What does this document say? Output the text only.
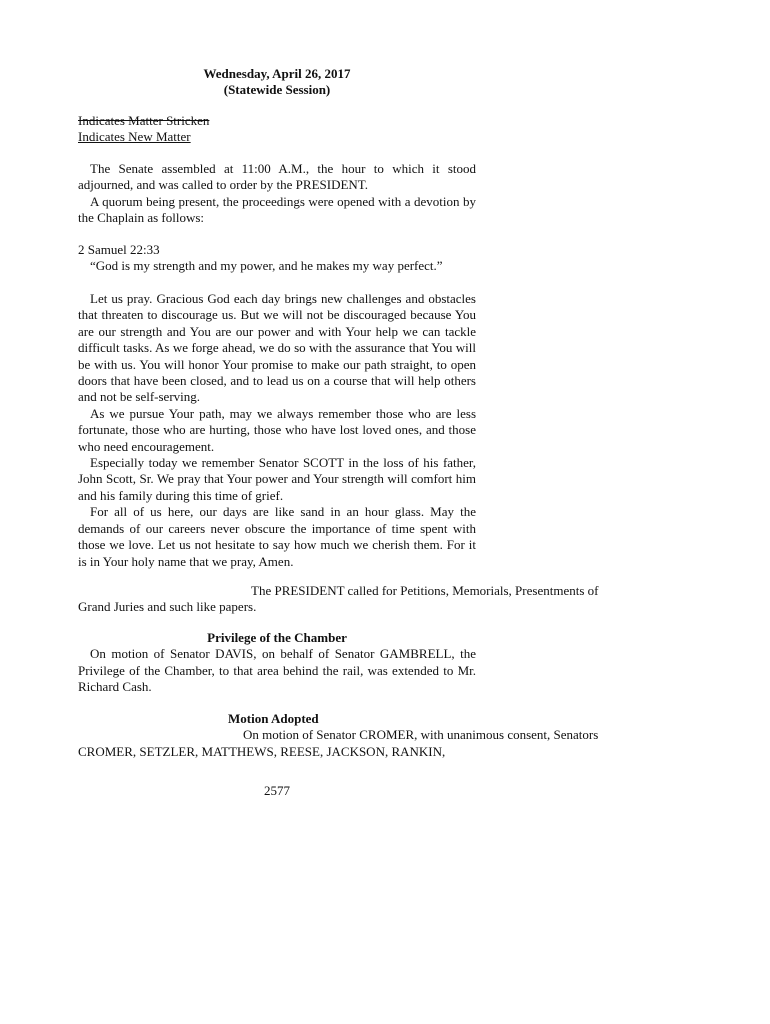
Wednesday, April 26, 2017

(Statewide Session)

Indicates Matter Stricken

Indicates New Matter

The Senate assembled at 11:00 A.M., the hour to which it stood adjourned, and was called to order by the PRESIDENT.

A quorum being present, the proceedings were opened with a devotion by the Chaplain as follows:

2 Samuel 22:33

“God is my strength and my power, and he makes my way perfect.”

Let us pray. Gracious God each day brings new challenges and obstacles that threaten to discourage us. But we will not be discouraged because You are our strength and You are our power and with Your help we can tackle difficult tasks. As we forge ahead, we do so with the assurance that You will be with us. You will honor Your promise to make our path straight, to open doors that have been closed, and to lead us on a course that will help others and not be self-serving.

As we pursue Your path, may we always remember those who are less fortunate, those who are hurting, those who have lost loved ones, and those who need encouragement.

Especially today we remember Senator SCOTT in the loss of his father, John Scott, Sr. We pray that Your power and Your strength will comfort him and his family during this time of grief.

For all of us here, our days are like sand in an hour glass. May the demands of our careers never obscure the importance of time spent with those we love. Let us not hesitate to say how much we cherish them. For it is in Your holy name that we pray, Amen.

The PRESIDENT called for Petitions, Memorials, Presentments of

Grand Juries and such like papers.

Privilege of the Chamber

On motion of Senator DAVIS, on behalf of Senator GAMBRELL, the Privilege of the Chamber, to that area behind the rail, was extended to Mr. Richard Cash.

Motion Adopted

On motion of Senator CROMER, with unanimous consent, Senators

CROMER, SETZLER, MATTHEWS, REESE, JACKSON, RANKIN,

2577
